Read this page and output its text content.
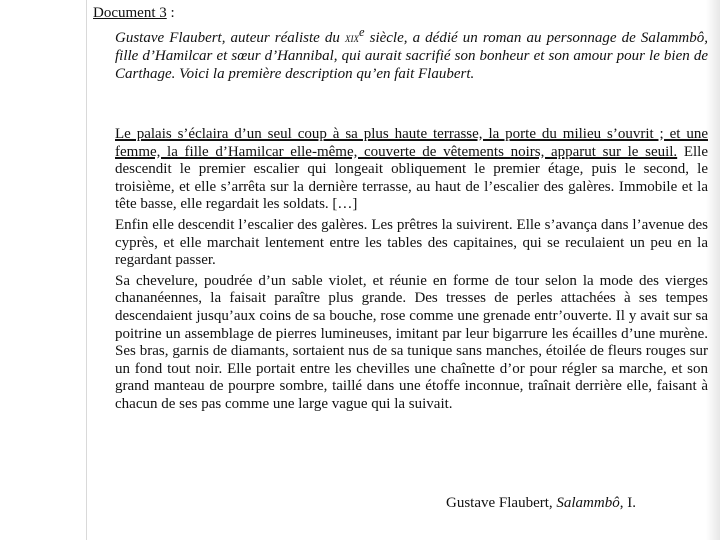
Document 3 :
Gustave Flaubert, auteur réaliste du xix$^e$ siècle, a dédié un roman au personnage de Salammbô, fille d’Hamilcar et sœur d’Hannibal, qui aurait sacrifié son bonheur et son amour pour le bien de Carthage. Voici la première description qu’en fait Flaubert.

Le palais s’éclaira d’un seul coup à sa plus haute terrasse, la porte du milieu s’ouvrit ; et une femme, la fille d’Hamilcar elle-même, couverte de vêtements noirs, apparut sur le seuil. Elle descendit le premier escalier qui longeait obliquement le premier étage, puis le second, le troisième, et elle s’arrêta sur la dernière terrasse, au haut de l’escalier des galères. Immobile et la tête basse, elle regardait les soldats. […]

Enfin elle descendit l’escalier des galères. Les prêtres la suivirent. Elle s’avança dans l’avenue des cyprès, et elle marchait lentement entre les tables des capitaines, qui se reculaient un peu en la regardant passer.

Sa chevelure, poudrée d’un sable violet, et réunie en forme de tour selon la mode des vierges chananéennes, la faisait paraître plus grande. Des tresses de perles attachées à ses tempes descendaient jusqu’aux coins de sa bouche, rose comme une grenade entr’ouverte. Il y avait sur sa poitrine un assemblage de pierres lumineuses, imitant par leur bigarrure les écailles d’une murène. Ses bras, garnis de diamants, sortaient nus de sa tunique sans manches, étoilée de fleurs rouges sur un fond tout noir. Elle portait entre les chevilles une chaînette d’or pour régler sa marche, et son grand manteau de pourpre sombre, taillé dans une étoffe inconnue, traînait derrière elle, faisant à chacun de ses pas comme une large vague qui la suivait.

Gustave Flaubert, Salammbô, I.
